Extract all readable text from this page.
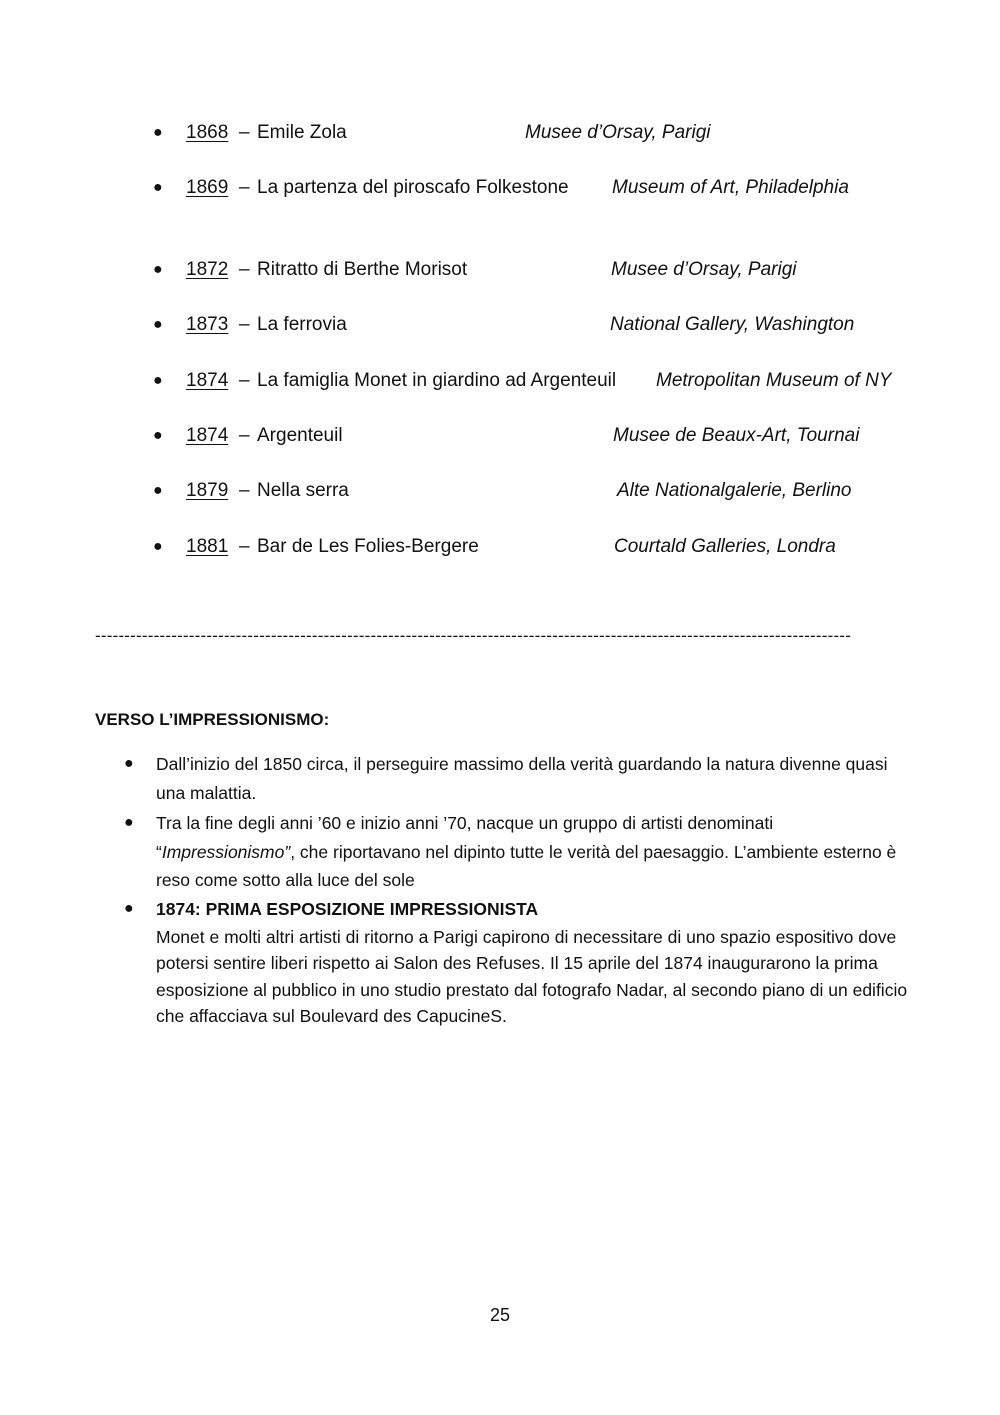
● 1868 – Emile Zola	Musee d’Orsay, Parigi
● 1869 – La partenza del piroscafo Folkestone Museum of Art, Philadelphia
● 1872 – Ritratto di Berthe Morisot	Musee d’Orsay, Parigi
● 1873 – La ferrovia	National Gallery, Washington
● 1874 – La famiglia Monet in giardino ad Argenteuil Metropolitan Museum of NY
● 1874 – Argenteuil	Musee de Beaux-Art, Tournai
● 1879 – Nella serra	Alte Nationalgalerie, Berlino
● 1881 – Bar de Les Folies-Bergere	Courtald Galleries, Londra
---------------------------------------------------------------------------------------------------------------------------------
VERSO L’IMPRESSIONISMO:
● Dall’inizio del 1850 circa, il perseguire massimo della verità guardando la natura divenne quasi una malattia.

● Tra la fine degli anni ’60 e inizio anni ’70, nacque un gruppo di artisti denominati “Impressionismo”, che riportavano nel dipinto tutte le verità del paesaggio. L’ambiente esterno è reso come sotto alla luce del sole

● 1874: PRIMA ESPOSIZIONE IMPRESSIONISTA

Monet e molti altri artisti di ritorno a Parigi capirono di necessitare di uno spazio espositivo dove potersi sentire liberi rispetto ai Salon des Refuses. Il 15 aprile del 1874 inaugurarono la prima esposizione al pubblico in uno studio prestato dal fotografo Nadar, al secondo piano di un edificio che affacciava sul Boulevard des CapucineS.

25
